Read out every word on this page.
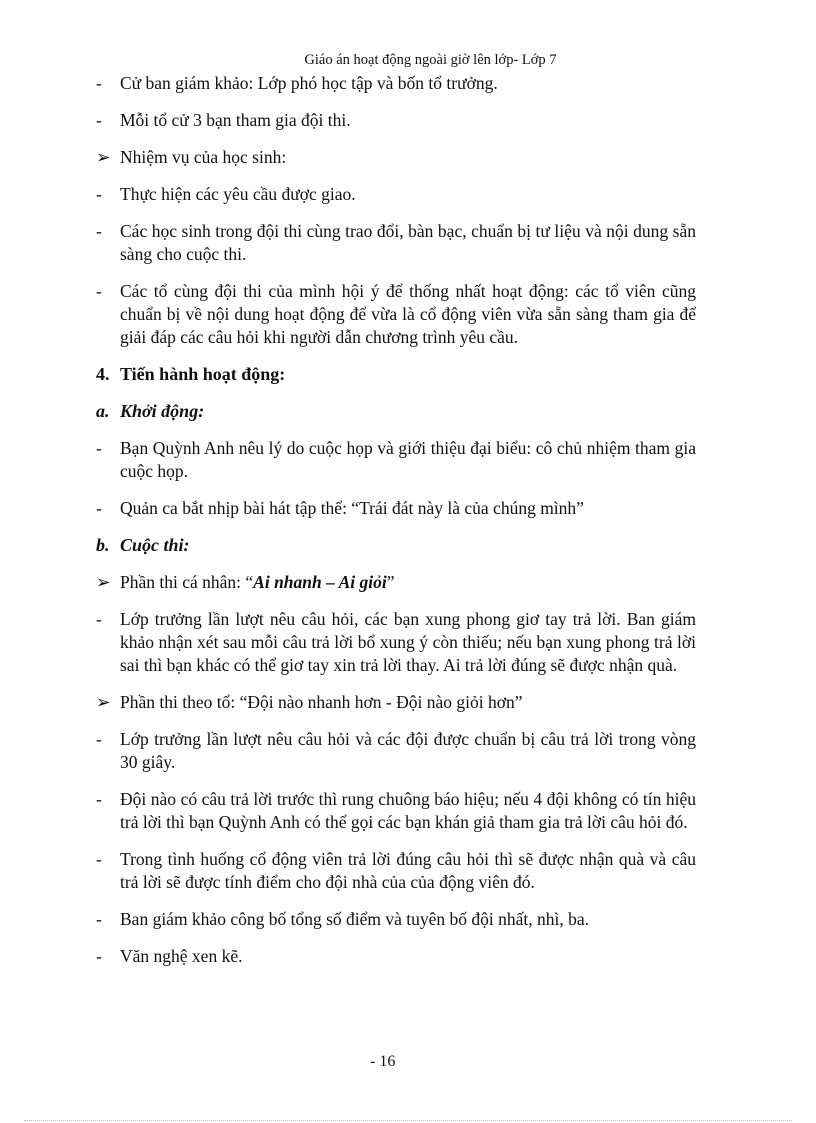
Giáo án hoạt động ngoài giờ lên lớp- Lớp 7
- Cử ban giám khảo: Lớp phó học tập và bốn tổ trưởng.
- Mỗi tổ cử 3 bạn tham gia đội thi.
➢ Nhiệm vụ của học sinh:
- Thực hiện các yêu cầu được giao.
- Các học sinh trong đội thi cùng trao đổi, bàn bạc, chuẩn bị tư liệu và nội dung sẵn sàng cho cuộc thi.
- Các tổ cùng đội thi của mình hội ý để thống nhất hoạt động: các tổ viên cũng chuẩn bị về nội dung hoạt động để vừa là cổ động viên vừa sẵn sàng tham gia để giải đáp các câu hỏi khi người dẫn chương trình yêu cầu.
4. Tiến hành hoạt động:
a. Khởi động:
- Bạn Quỳnh Anh nêu lý do cuộc họp và giới thiệu đại biểu: cô chủ nhiệm tham gia cuộc họp.
- Quản ca bắt nhịp bài hát tập thể: “Trái đát này là của chúng mình”
b. Cuộc thi:
➢ Phần thi cá nhân: “Ai nhanh – Ai giỏi”
- Lớp trưởng lần lượt nêu câu hỏi, các bạn xung phong giơ tay trả lời. Ban giám khảo nhận xét sau mỗi câu trả lời bổ xung ý còn thiếu; nếu bạn xung phong trả lời sai thì bạn khác có thể giơ tay xin trả lời thay. Ai trả lời đúng sẽ được nhận quà.
➢ Phần thi theo tổ: “Đội nào nhanh hơn - Đội nào giỏi hơn”
- Lớp trưởng lần lượt nêu câu hỏi và các đội được chuẩn bị câu trả lời trong vòng 30 giây.
- Đội nào có câu trả lời trước thì rung chuông báo hiệu; nếu 4 đội không có tín hiệu trả lời thì bạn Quỳnh Anh có thể gọi các bạn khán giả tham gia trả lời câu hỏi đó.
- Trong tình huống cổ động viên trả lời đúng câu hỏi thì sẽ được nhận quà và câu trả lời sẽ được tính điểm cho đội nhà của của động viên đó.
- Ban giám khảo công bố tổng số điểm và tuyên bố đội nhất, nhì, ba.
- Văn nghệ xen kẽ.
- 16
